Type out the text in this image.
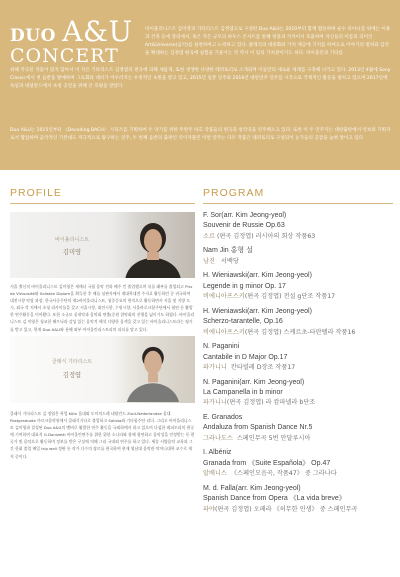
DUO A&U
CONCERT
바이올리니스트 김미영과 기타리스트 김정엽으로 구성된 Duo A&U는 2010부터 함께 활동하며 순수 피아니를 위에는 이용과 건축 등에 강의에서, 혹은 작은 규모의 하우스 콘서트를 통해 청중과 가까이서 호흡하며 자신들의 이름의 의미인 Art&Universe(음악)를 실천하며고 노력하고 있다. 클래식의 대중화와 가치 제공에 기치를 하여으로 이야기의 범위와 감각을 확대하는 김정엽 편곡에 실험을 기울이는 것 역시 이 팀의 가치관이기도 하다. 바이올린과 기타를
위해 작곡된 작품이 많지 않아서 이 작은 기타리스트 김정엽의 편곡에 의해 새롭게, 또한 생생한 다양한 레퍼토리로 소개되며 이들만의 새로운 세계를 구축해 나가고 있다. 2013년 4월에 Sony Classic에서 첫 음반을 발매하며 그로회와 대비가 어우러지는 우정적인 초원을 받고 있고, 2015년 일본 연주와 2016년 대만연주 연주를 시작으로 국제적인 활동을 펼쳐고 있으며 2017년에 독일과 네덜란드에서 초청 공연을 위해 큰 호평을 받았다.
Duo A&U는 2015년부터 《Decoding BACH》 시리즈를 기획하여 두 악기를 위한 무반주 바흐 작품들의 편곡과 창작곡을 연주해오고 있다. 또한 이 두 연주자는 대한출판에서 악보와 기획자로서 협업하며 음악적인 기본대도 적극적으로 탐구하는 연주, 두 번째 음반의 출판인 리이자블린 이번 연주는 다두 작품은 레퍼토리로 구성되어 눈가들의 공감을 높혀 앞이고 있다.
PROFILE	PROGRAM
바이올리니스트
김미영
서울 출신의 바이올리니스트 김미영은 재매너 국립 음악 전과 배주 킨 졸업했으며 뒤를 쾌부를 졸업되고 Prix de Virtuosité와 Solisten Diplom을 획득한 후 배를 심판사에서 재대학대전 주지료 활동하던 중 귀국하여 대전시향 악장 과장, 한국사중주단의 제2바이올리니스트, 청중중요의 현직으로 활동하면서 서울 및 지방 도시, 외국 각 지에서 초청 리사이틀을 갖고 서울시향, 대전시향, 수원시향, 서울바로크합주단에서 협연 등 활발한 연주활동을 이어왔다. 또한 소규모 실내악과 음악회 연출(중원 참악회의 진행을 넓이기도 하였다. 바이올리니스트 김 미영은 청교한 해프닉과 감성 있는 음악적 해석 다양한 음색을 갖고 있는 바이올리니스트라는 평가를 받고 있고, 현재 Duo A&U와 통해 외부 아이올린리스트리의 리더를 맡고 있다.
클래식 기타리스트
김정엽
클래식 기타리스트 김 정엽은 학업 Köln 음대와 도이치드레 네덜란드 Zuid-Nederlandse 음대Postgraduate 마르크음악원에서 클래식기타로 졸업하고 Solista와 기타합주단 리더. 그리고 바이올리니스트 김미영과 결성된 Duo A&U의 멤버로 활발한 연주 활동을 국외하에서 하고 있으며 다섬한 레퍼토리의 편곡에 기여하여 대표적 G.Donizetti 바이올린연주를 위한 위한 소나타와 함께 협연하고 음악성을 인정받는 등 편곡가 및 음악으로 활동하며 정보를 받은 구성에 의해 그리 국내외 연주를 하고 있다. 세종 서양음악 교육과 그간 한회 졸업 배일 trip well 정판 등 작가 다수의 장르를 편곡하여 현재 영남대 음악관 악이나대학 교수로 재직 중이다.
F. Sor(arr. Kim Jeong-yeol)
Souvenir de Russie Op.63
소르 (편곡 김정엽) 러시아의 회상 작품63
Nam Jin 홍형 설
남진 서백당
H. Wieniawski(arr. Kim Jeong-yeol)
Legende in g minor Op. 17
비에니아프스키(편곡 김정엽) 전설 g단조 작품17
H. Wieniawski(arr. Kim Jeong-yeol)
Scherzo-tarantelle, Op.16
비에니아프스키(편곡 김정엽) 스케르초-타란텔라 작품16
N. Paganini
Cantabile in D Major Op.17
파가니니 칸타빌레 D장조 작품17
N. Paganini(arr. Kim Jeong-yeol)
La Campanella in b minor
파가니니(편곡 김정엽) 라 캄파넬라 b단조
E. Granados
Andaluza from Spanish Dance Nr.5
그라나도스 스페인무곡 5번 안달루시아
I. Albéniz
Granada from 《Suite Española》 Op.47
알베니스 《스페인모음곡, 작품47》 중 그라나다
M. d. Falla(arr. Kim Jeong-yeol)
Spanish Dance from Opera 《La vida breve》
파야(편곡 김정엽) 오페라 《허무한 인생》 중 스페인무곡
